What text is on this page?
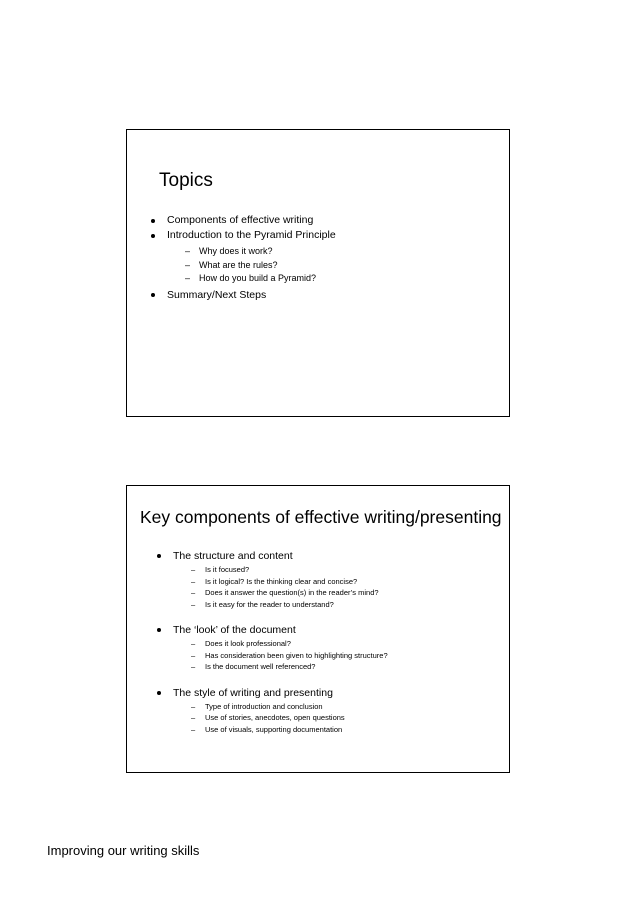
Topics
Components of effective writing
Introduction to the Pyramid Principle
– Why does it work?
– What are the rules?
– How do you build a Pyramid?
Summary/Next Steps
Key components of effective writing/presenting
The structure and content
– Is it focused?
– Is it logical? Is the thinking clear and concise?
– Does it answer the question(s) in the reader’s mind?
– Is it easy for the reader to understand?
The ‘look’ of the document
– Does it look professional?
– Has consideration been given to highlighting structure?
– Is the document well referenced?
The style of writing and presenting
– Type of introduction and conclusion
– Use of stories, anecdotes, open questions
– Use of visuals, supporting documentation
Improving our writing skills
